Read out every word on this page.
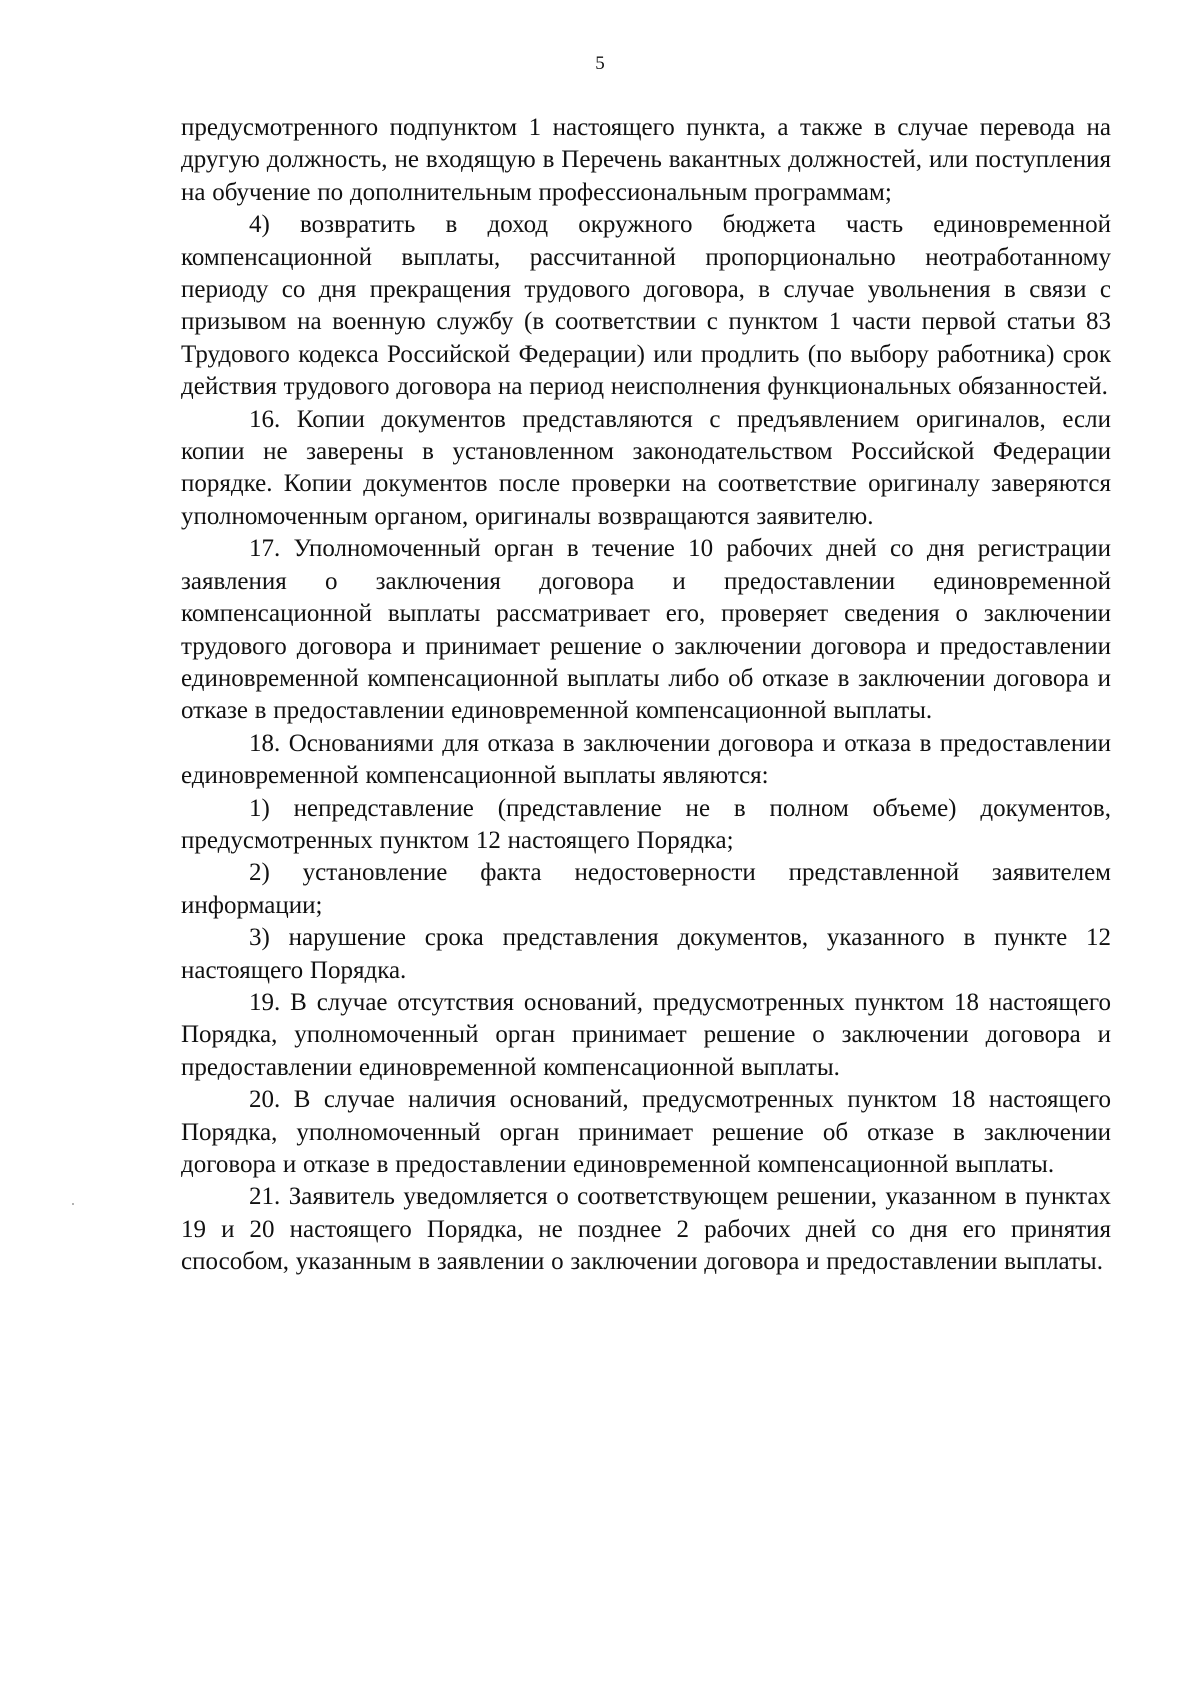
5

предусмотренного подпунктом 1 настоящего пункта, а также в случае перевода на другую должность, не входящую в Перечень вакантных должностей, или поступления на обучение по дополнительным профессиональным программам;

4) возвратить в доход окружного бюджета часть единовременной компенсационной выплаты, рассчитанной пропорционально неотработанному периоду со дня прекращения трудового договора, в случае увольнения в связи с призывом на военную службу (в соответствии с пунктом 1 части первой статьи 83 Трудового кодекса Российской Федерации) или продлить (по выбору работника) срок действия трудового договора на период неисполнения функциональных обязанностей.

16. Копии документов представляются с предъявлением оригиналов, если копии не заверены в установленном законодательством Российской Федерации порядке. Копии документов после проверки на соответствие оригиналу заверяются уполномоченным органом, оригиналы возвращаются заявителю.

17. Уполномоченный орган в течение 10 рабочих дней со дня регистрации заявления о заключения договора и предоставлении единовременной компенсационной выплаты рассматривает его, проверяет сведения о заключении трудового договора и принимает решение о заключении договора и предоставлении единовременной компенсационной выплаты либо об отказе в заключении договора и отказе в предоставлении единовременной компенсационной выплаты.

18. Основаниями для отказа в заключении договора и отказа в предоставлении единовременной компенсационной выплаты являются:

1) непредставление (представление не в полном объеме) документов, предусмотренных пунктом 12 настоящего Порядка;

2) установление факта недостоверности представленной заявителем информации;

3) нарушение срока представления документов, указанного в пункте 12 настоящего Порядка.

19. В случае отсутствия оснований, предусмотренных пунктом 18 настоящего Порядка, уполномоченный орган принимает решение о заключении договора и предоставлении единовременной компенсационной выплаты.

20. В случае наличия оснований, предусмотренных пунктом 18 настоящего Порядка, уполномоченный орган принимает решение об отказе в заключении договора и отказе в предоставлении единовременной компенсационной выплаты.

21. Заявитель уведомляется о соответствующем решении, указанном в пунктах 19 и 20 настоящего Порядка, не позднее 2 рабочих дней со дня его принятия способом, указанным в заявлении о заключении договора и предоставлении выплаты.
